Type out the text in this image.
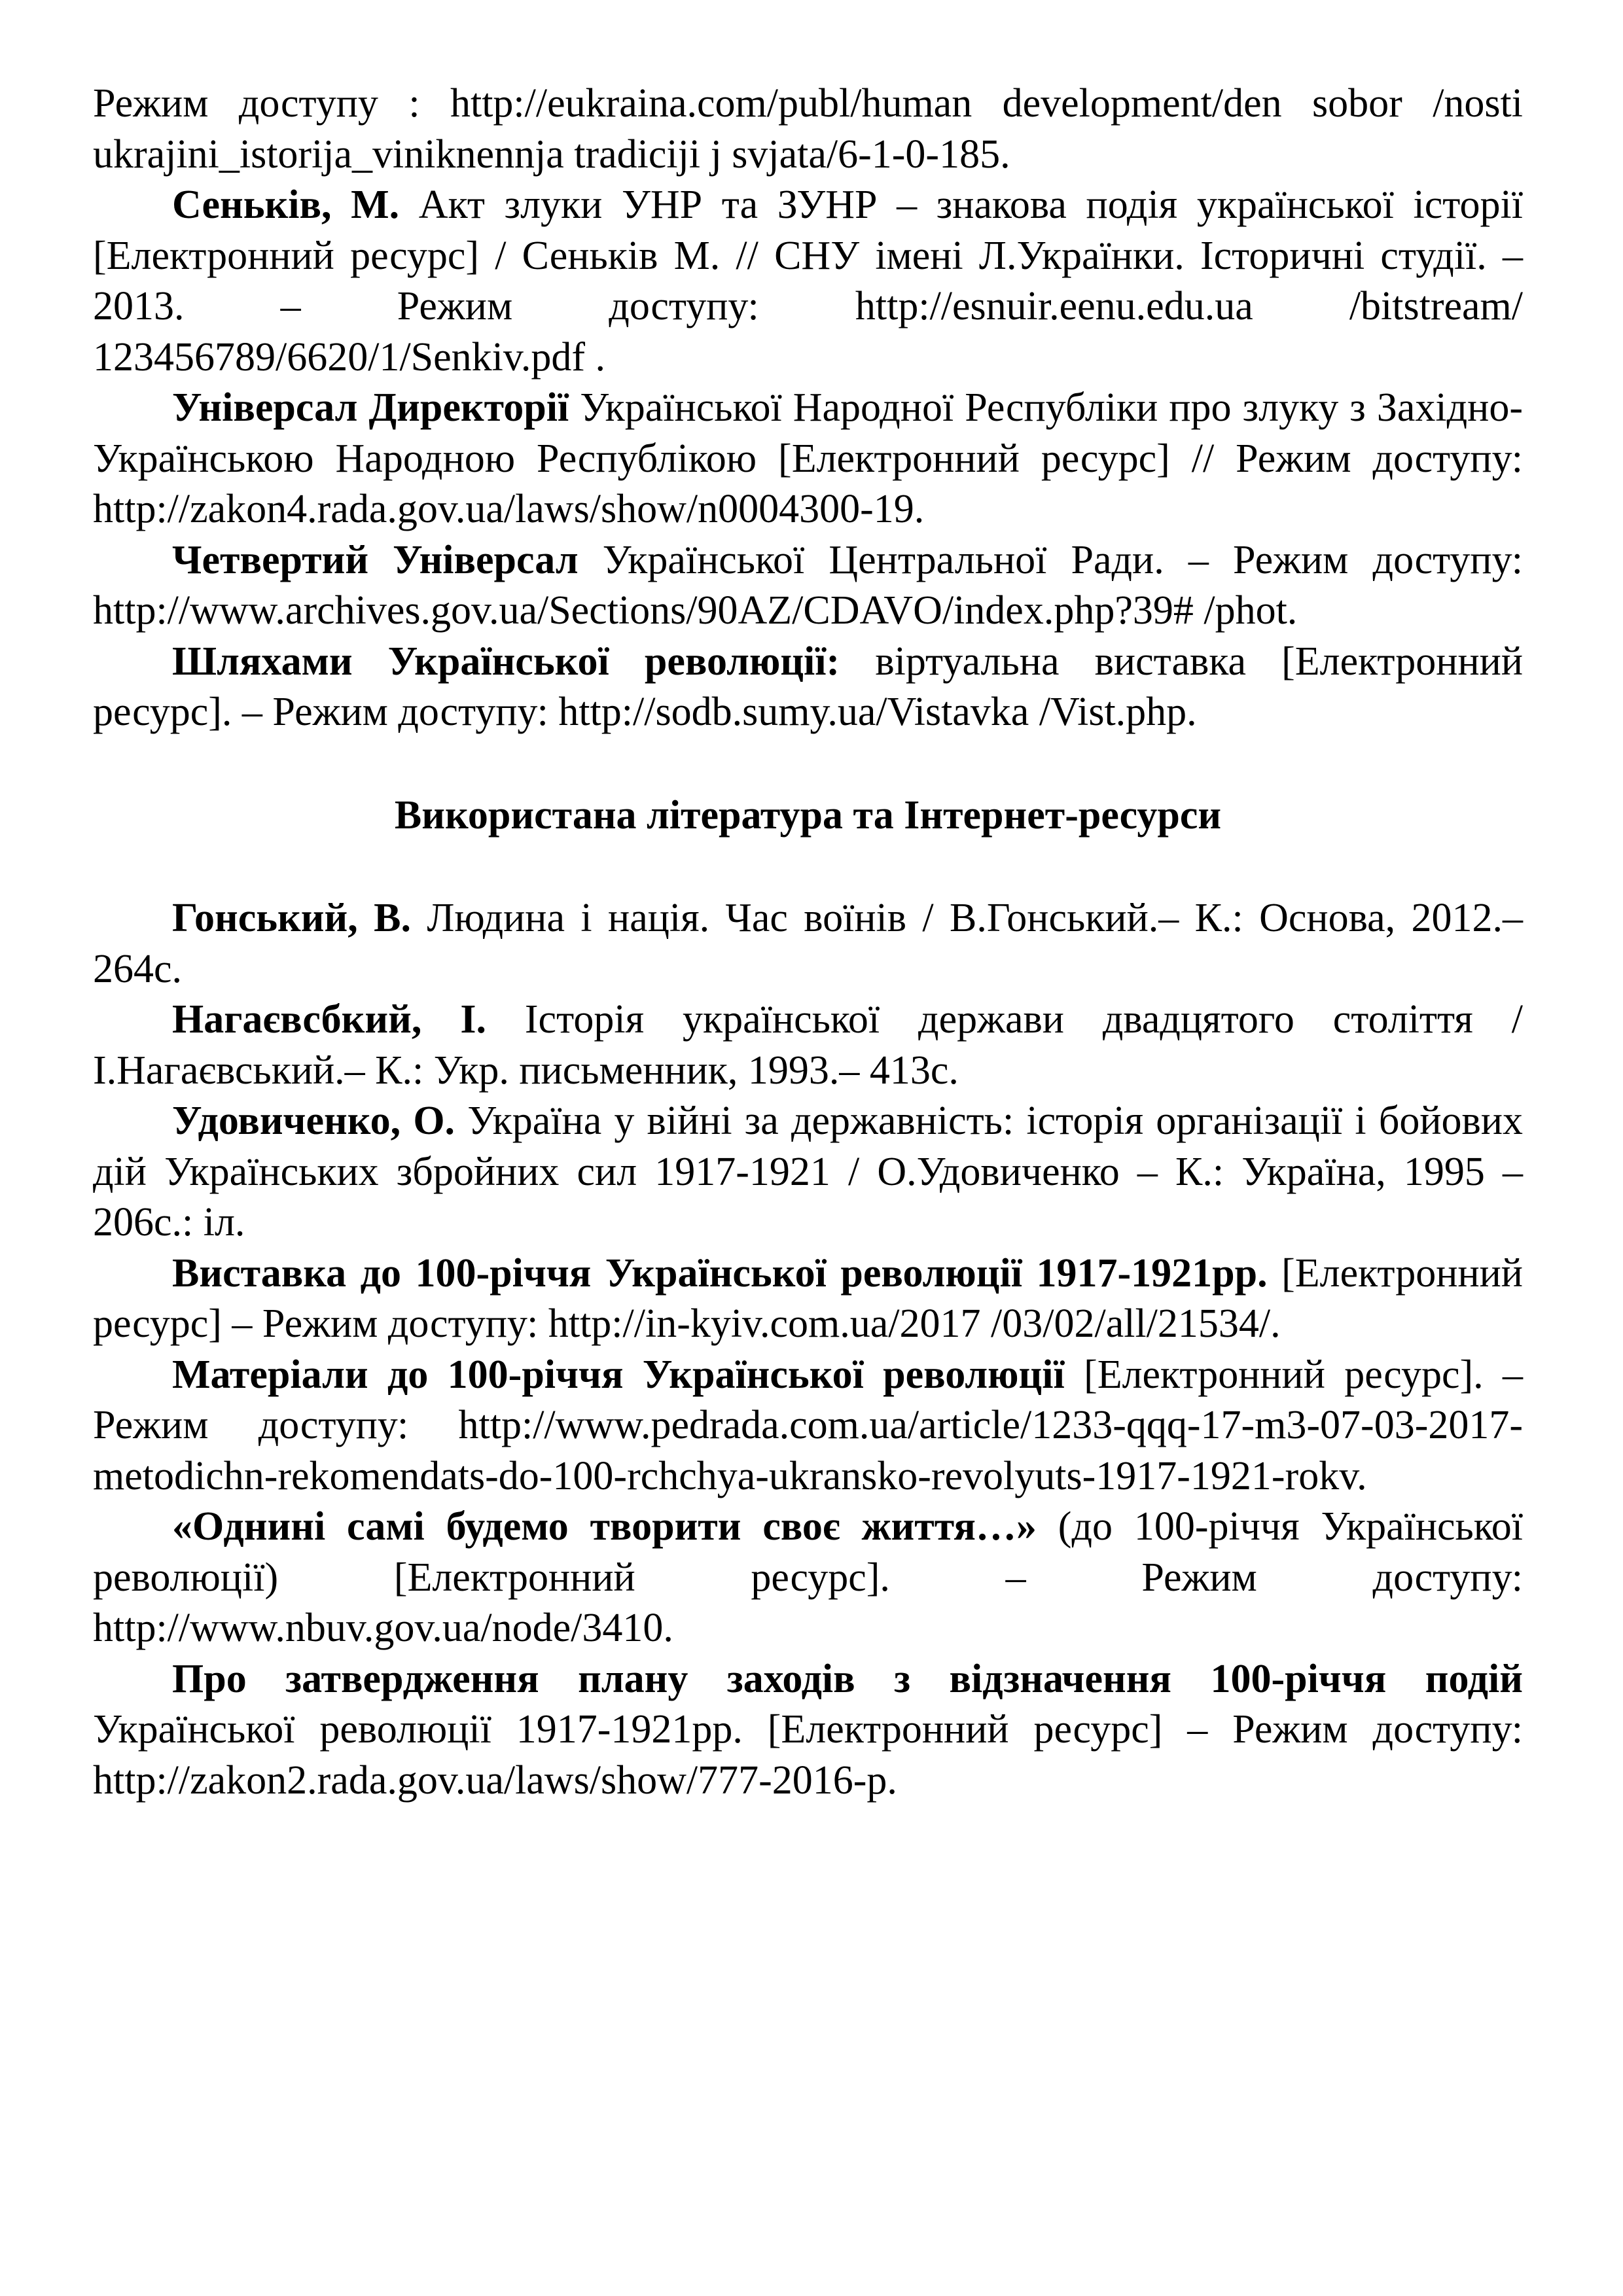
Режим доступу : http://eukraina.com/publ/human development/den sobor /nosti ukrajini_istorija_viniknennja tradiciji j svjata/6-1-0-185.

Сеньків, М. Акт злуки УНР та ЗУНР – знакова подія української історії [Електронний ресурс] / Сеньків М. // СНУ імені Л.Українки. Історичні студії. – 2013. – Режим доступу: http://esnuir.eenu.edu.ua /bitstream/ 123456789/6620/1/Senkiv.pdf .

Універсал Директорії Української Народної Республіки про злуку з Західно-Українською Народною Республікою [Електронний ресурс] // Режим доступу: http://zakon4.rada.gov.ua/laws/show/n0004300-19.

Четвертий Універсал Української Центральної Ради. – Режим доступу: http://www.archives.gov.ua/Sections/90AZ/CDAVO/index.php?39# /phot.

Шляхами Української революції: віртуальна виставка [Електронний ресурс]. – Режим доступу: http://sodb.sumy.ua/Vistavka /Vist.php.

Використана література та Інтернет-ресурси

Гонський, В. Людина і нація. Час воїнів / В.Гонський.– К.: Основа, 2012.– 264с.

Нагаєвсбкий, І. Історія української держави двадцятого століття / І.Нагаєвський.– К.: Укр. письменник, 1993.– 413с.

Удовиченко, О. Україна у війні за державність: історія організації і бойових дій Українських збройних сил 1917-1921 / О.Удовиченко – К.: Україна, 1995 – 206с.: іл.

Виставка до 100-річчя Української революції 1917-1921рр. [Електронний ресурс] – Режим доступу: http://in-kyiv.com.ua/2017 /03/02/all/21534/.

Матеріали до 100-річчя Української революції [Електронний ресурс]. – Режим доступу: http://www.pedrada.com.ua/article/1233-qqq-17-m3-07-03-2017-metodichn-rekomendats-do-100-rchchya-ukransko-revolyuts-1917-1921-rokv.

«Однині самі будемо творити своє життя…» (до 100-річчя Української революції) [Електронний ресурс]. – Режим доступу: http://www.nbuv.gov.ua/node/3410.

Про затвердження плану заходів з відзначення 100-річчя подій Української революції 1917-1921рр. [Електронний ресурс] – Режим доступу: http://zakon2.rada.gov.ua/laws/show/777-2016-р.
